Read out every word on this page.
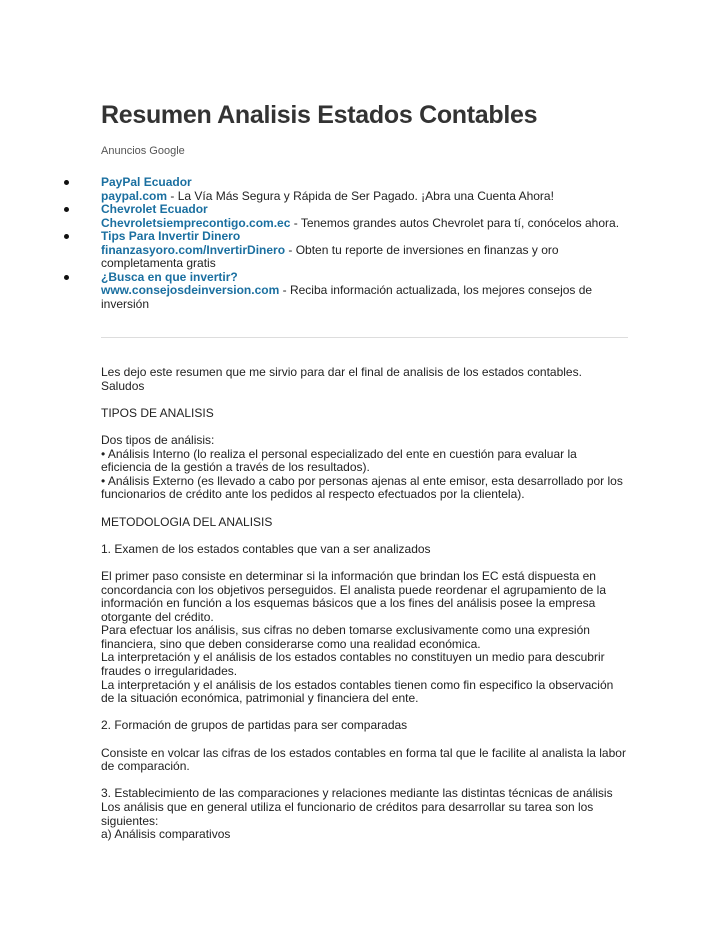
Resumen Analisis Estados Contables
Anuncios Google
PayPal Ecuador
paypal.com - La Vía Más Segura y Rápida de Ser Pagado. ¡Abra una Cuenta Ahora!
Chevrolet Ecuador
Chevroletsiemprecontigo.com.ec - Tenemos grandes autos Chevrolet para tí, conócelos ahora.
Tips Para Invertir Dinero
finanzasyoro.com/InvertirDinero - Obten tu reporte de inversiones en finanzas y oro completamenta gratis
¿Busca en que invertir?
www.consejosdeinversion.com - Reciba información actualizada, los mejores consejos de inversión

Les dejo este resumen que me sirvio para dar el final de analisis de los estados contables.
Saludos

TIPOS DE ANALISIS

Dos tipos de análisis:
• Análisis Interno (lo realiza el personal especializado del ente en cuestión para evaluar la eficiencia de la gestión a través de los resultados).
• Análisis Externo (es llevado a cabo por personas ajenas al ente emisor, esta desarrollado por los funcionarios de crédito ante los pedidos al respecto efectuados por la clientela).

METODOLOGIA DEL ANALISIS

1. Examen de los estados contables que van a ser analizados

El primer paso consiste en determinar si la información que brindan los EC está dispuesta en concordancia con los objetivos perseguidos. El analista puede reordenar el agrupamiento de la información en función a los esquemas básicos que a los fines del análisis posee la empresa otorgante del crédito.
Para efectuar los análisis, sus cifras no deben tomarse exclusivamente como una expresión financiera, sino que deben considerarse como una realidad económica.
La interpretación y el análisis de los estados contables no constituyen un medio para descubrir fraudes o irregularidades.
La interpretación y el análisis de los estados contables tienen como fin especifico la observación de la situación económica, patrimonial y financiera del ente.

2. Formación de grupos de partidas para ser comparadas

Consiste en volcar las cifras de los estados contables en forma tal que le facilite al analista la labor de comparación.

3. Establecimiento de las comparaciones y relaciones mediante las distintas técnicas de análisis
Los análisis que en general utiliza el funcionario de créditos para desarrollar su tarea son los siguientes:
a) Análisis comparativos
